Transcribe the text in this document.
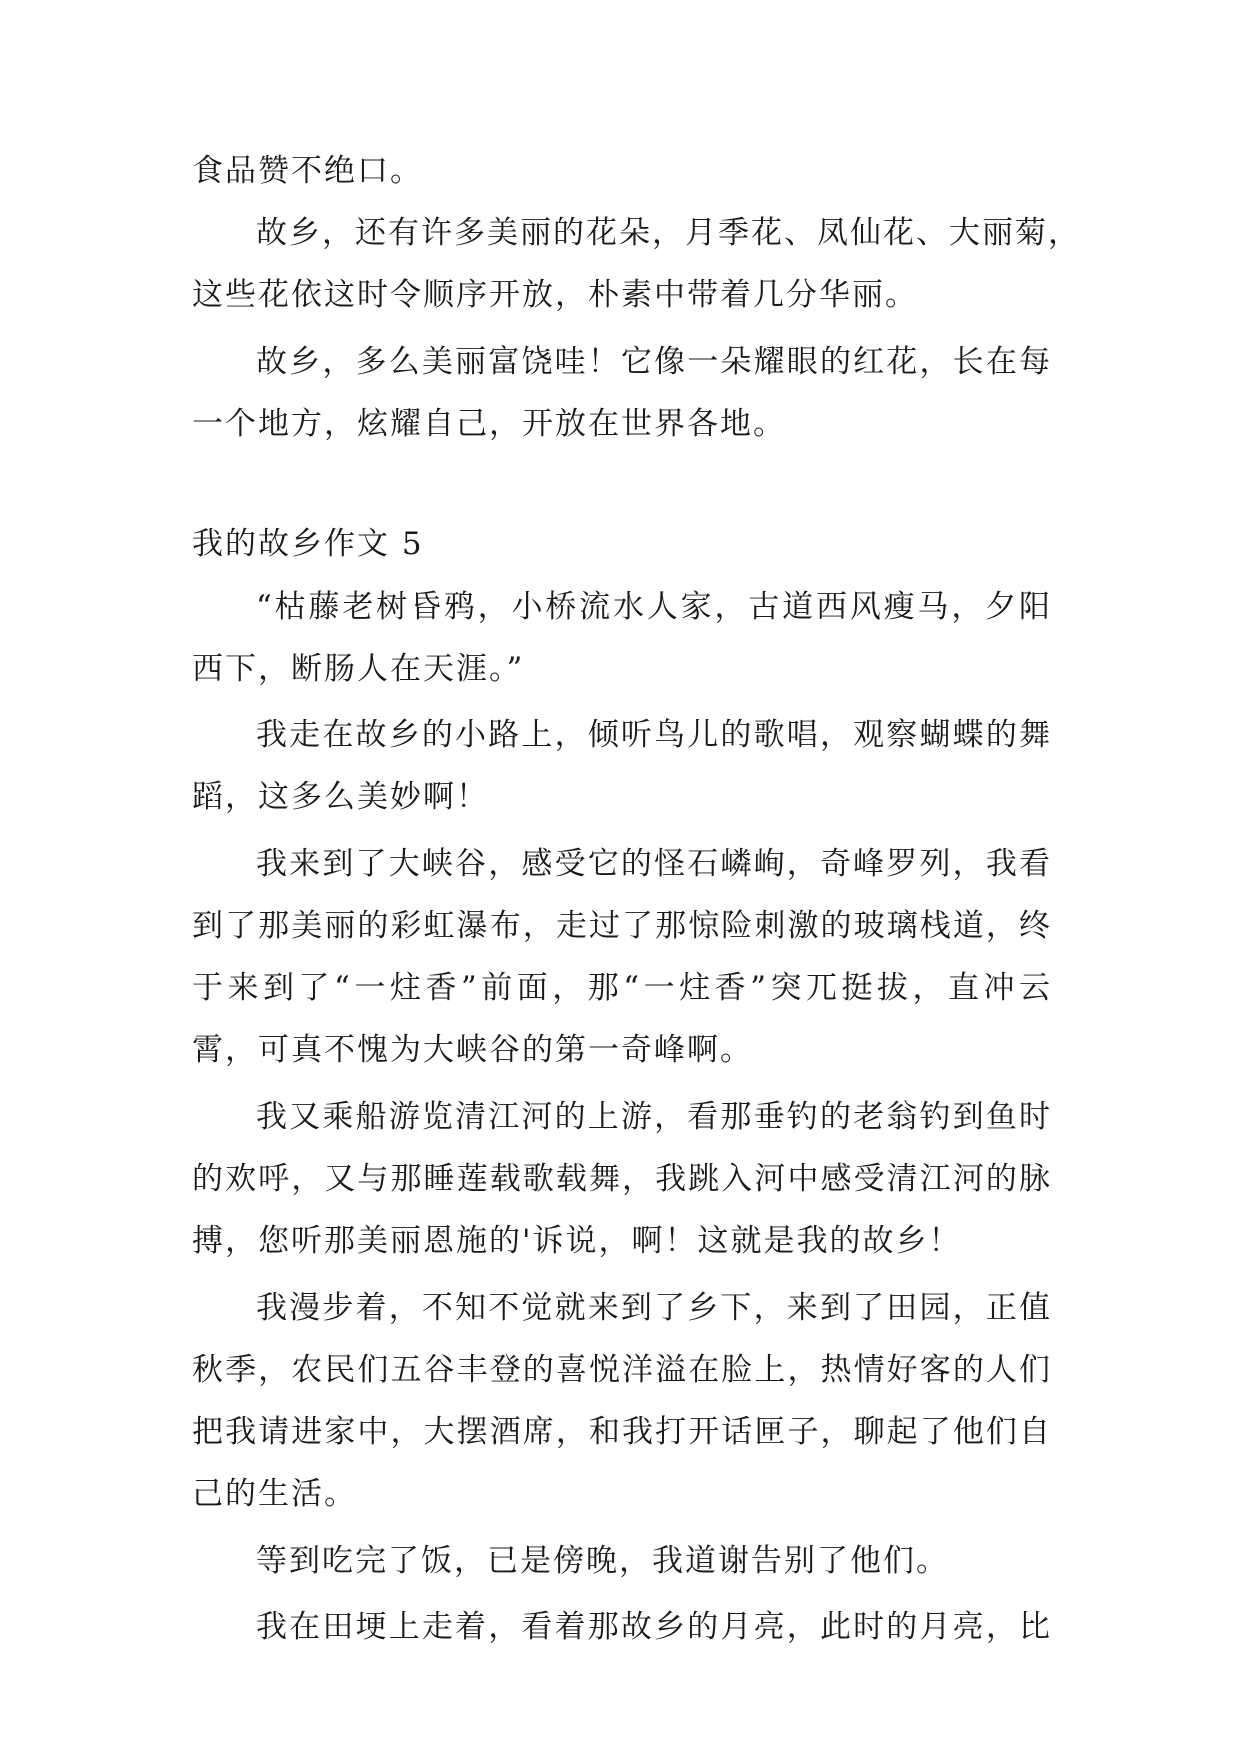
食品赞不绝口。
故乡，还有许多美丽的花朵，月季花、凤仙花、大丽菊，
这些花依这时令顺序开放，朴素中带着几分华丽。
故乡，多么美丽富饶哇！它像一朵耀眼的红花，长在每
一个地方，炫耀自己，开放在世界各地。
我的故乡作文 5
“枯藤老树昏鸦，小桥流水人家，古道西风瘦马，夕阳
西下，断肠人在天涯。”
我走在故乡的小路上，倾听鸟儿的歌唱，观察蝴蝶的舞
蹈，这多么美妙啊！
我来到了大峡谷，感受它的怪石嶙峋，奇峰罗列，我看
到了那美丽的彩虹瀑布，走过了那惊险刺激的玻璃栈道，终
于来到了“一炷香”前面，那“一炷香”突兀挺拔，直冲云
霄，可真不愧为大峡谷的第一奇峰啊。
我又乘船游览清江河的上游，看那垂钓的老翁钓到鱼时
的欢呼，又与那睡莲载歌载舞，我跳入河中感受清江河的脉
搏，您听那美丽恩施的'诉说，啊！这就是我的故乡！
我漫步着，不知不觉就来到了乡下，来到了田园，正值
秋季，农民们五谷丰登的喜悦洋溢在脸上，热情好客的人们
把我请进家中，大摆酒席，和我打开话匣子，聊起了他们自
己的生活。
等到吃完了饭，已是傍晚，我道谢告别了他们。
我在田埂上走着，看着那故乡的月亮，此时的月亮，比
